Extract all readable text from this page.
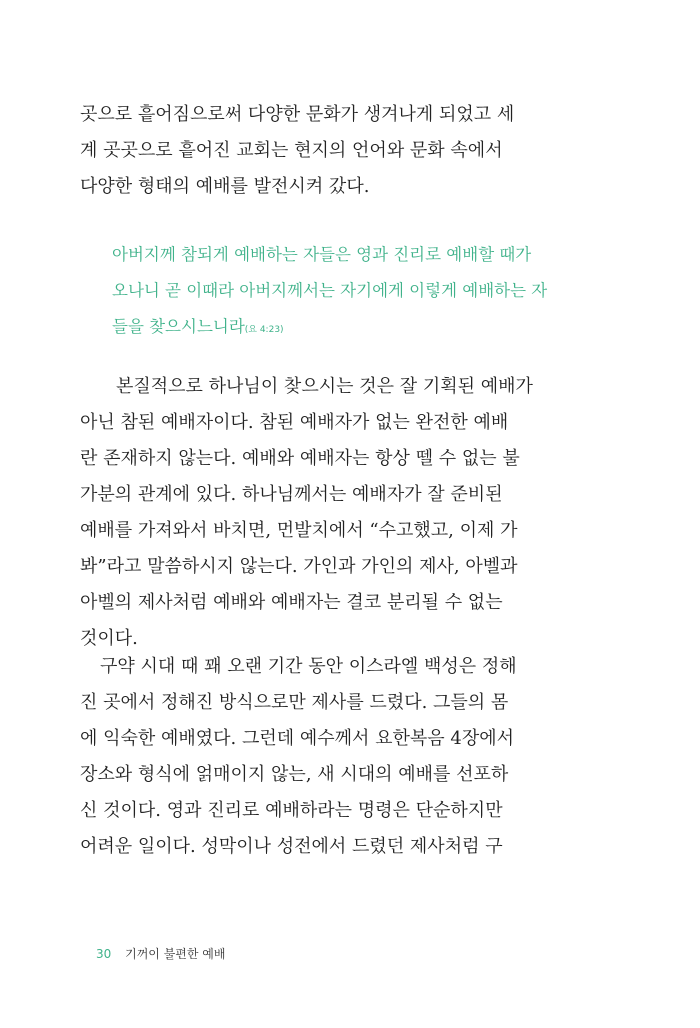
곳으로 흩어짐으로써 다양한 문화가 생겨나게 되었고 세
계 곳곳으로 흩어진 교회는 현지의 언어와 문화 속에서
다양한 형태의 예배를 발전시켜 갔다.
아버지께 참되게 예배하는 자들은 영과 진리로 예배할 때가
오나니 곧 이때라 아버지께서는 자기에게 이렇게 예배하는 자
들을 찾으시느니라(요 4:23)
본질적으로 하나님이 찾으시는 것은 잘 기획된 예배가
아닌 참된 예배자이다. 참된 예배자가 없는 완전한 예배
란 존재하지 않는다. 예배와 예배자는 항상 뗄 수 없는 불
가분의 관계에 있다. 하나님께서는 예배자가 잘 준비된
예배를 가져와서 바치면, 먼발치에서 “수고했고, 이제 가
봐”라고 말씀하시지 않는다. 가인과 가인의 제사, 아벨과
아벨의 제사처럼 예배와 예배자는 결코 분리될 수 없는
것이다.
구약 시대 때 꽤 오랜 기간 동안 이스라엘 백성은 정해
진 곳에서 정해진 방식으로만 제사를 드렸다. 그들의 몸
에 익숙한 예배였다. 그런데 예수께서 요한복음 4장에서
장소와 형식에 얽매이지 않는, 새 시대의 예배를 선포하
신 것이다. 영과 진리로 예배하라는 명령은 단순하지만
어려운 일이다. 성막이나 성전에서 드렸던 제사처럼 구
30 기꺼이 불편한 예배
